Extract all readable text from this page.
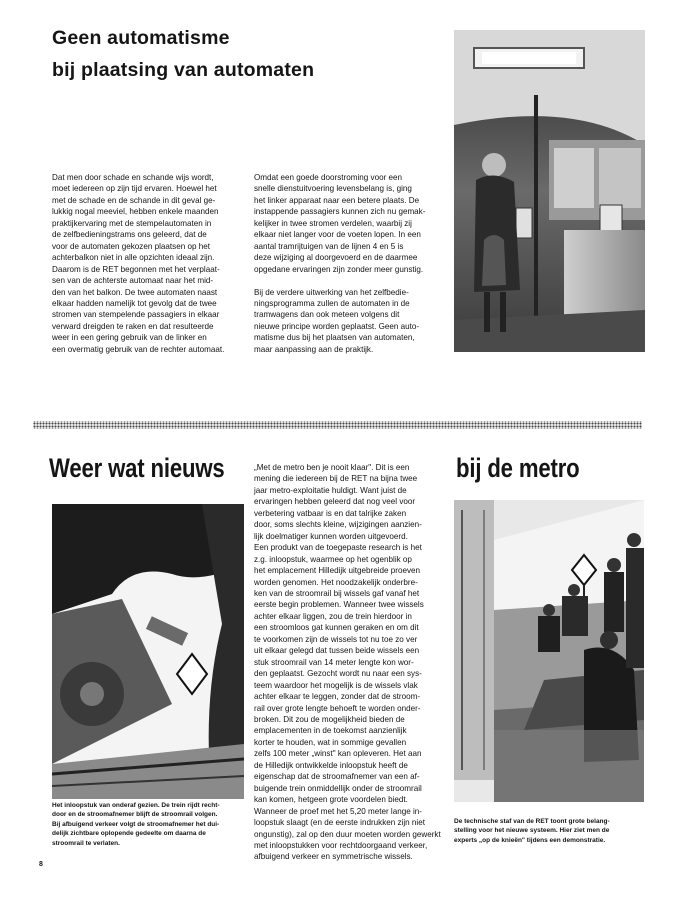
Geen automatisme
bij plaatsing van automaten
Dat men door schade en schande wijs wordt,
moet iedereen op zijn tijd ervaren. Hoewel het
met de schade en de schande in dit geval ge-
lukkig nogal meeviel, hebben enkele maanden
praktijkervaring met de stempelautomaten in
de zelfbedieningstrams ons geleerd, dat de
voor de automaten gekozen plaatsen op het
achterbalkon niet in alle opzichten ideaal zijn.
Daarom is de RET begonnen met het verplaat-
sen van de achterste automaat naar het mid-
den van het balkon. De twee automaten naast
elkaar hadden namelijk tot gevolg dat de twee
stromen van stempelende passagiers in elkaar
verward dreigden te raken en dat resulteerde
weer in een gering gebruik van de linker en
een overmatig gebruik van de rechter automaat.
Omdat een goede doorstroming voor een
snelle dienstuitvoering levensbelang is, ging
het linker apparaat naar een betere plaats. De
instappende passagiers kunnen zich nu gemak-
kelijker in twee stromen verdelen, waarbij zij
elkaar niet langer voor de voeten lopen. In een
aantal tramrijtuigen van de lijnen 4 en 5 is
deze wijziging al doorgevoerd en de daarmee
opgedane ervaringen zijn zonder meer gunstig.

Bij de verdere uitwerking van het zelfbedie-
ningsprogramma zullen de automaten in de
tramwagens dan ook meteen volgens dit
nieuwe principe worden geplaatst. Geen auto-
matisme dus bij het plaatsen van automaten,
maar aanpassing aan de praktijk.
Weer wat nieuws	bij de metro
„Met de metro ben je nooit klaar". Dit is een
mening die iedereen bij de RET na bijna twee
jaar metro-exploitatie huldigt. Want juist de
ervaringen hebben geleerd dat nog veel voor
verbetering vatbaar is en dat talrijke zaken
door, soms slechts kleine, wijzigingen aanzien-
lijk doelmatiger kunnen worden uitgevoerd.
Een produkt van de toegepaste research is het
z.g. inloopstuk, waarmee op het ogenblik op
het emplacement Hilledijk uitgebreide proeven
worden genomen. Het noodzakelijk onderbre-
ken van de stroomrail bij wissels gaf vanaf het
eerste begin problemen. Wanneer twee wissels
achter elkaar liggen, zou de trein hierdoor in
een stroomloos gat kunnen geraken en om dit
te voorkomen zijn de wissels tot nu toe zo ver
uit elkaar gelegd dat tussen beide wissels een
stuk stroomrail van 14 meter lengte kon wor-
den geplaatst. Gezocht wordt nu naar een sys-
teem waardoor het mogelijk is de wissels vlak
achter elkaar te leggen, zonder dat de stroom-
rail over grote lengte behoeft te worden onder-
broken. Dit zou de mogelijkheid bieden de
emplacementen in de toekomst aanzienlijk
korter te houden, wat in sommige gevallen
zelfs 100 meter „winst" kan opleveren. Het aan
de Hilledijk ontwikkelde inloopstuk heeft de
eigenschap dat de stroomafnemer van een af-
buigende trein onmiddellijk onder de stroomrail
kan komen, hetgeen grote voordelen biedt.
Wanneer de proef met het 5,20 meter lange in-
loopstuk slaagt (en de eerste indrukken zijn niet
ongunstig), zal op den duur moeten worden gewerkt
met inloopstukken voor rechtdoorgaand verkeer,
afbuigend verkeer en symmetrische wissels.
Het inloopstuk van onderaf gezien. De trein rijdt recht-
door en de stroomafnemer blijft de stroomrail volgen.
Bij afbuigend verkeer volgt de stroomafnemer het dui-
delijk zichtbare oplopende gedeelte om daarna de
stroomrail te verlaten.
De technische staf van de RET toont grote belang-
stelling voor het nieuwe systeem. Hier ziet men de
experts „op de knieën" tijdens een demonstratie.
8
